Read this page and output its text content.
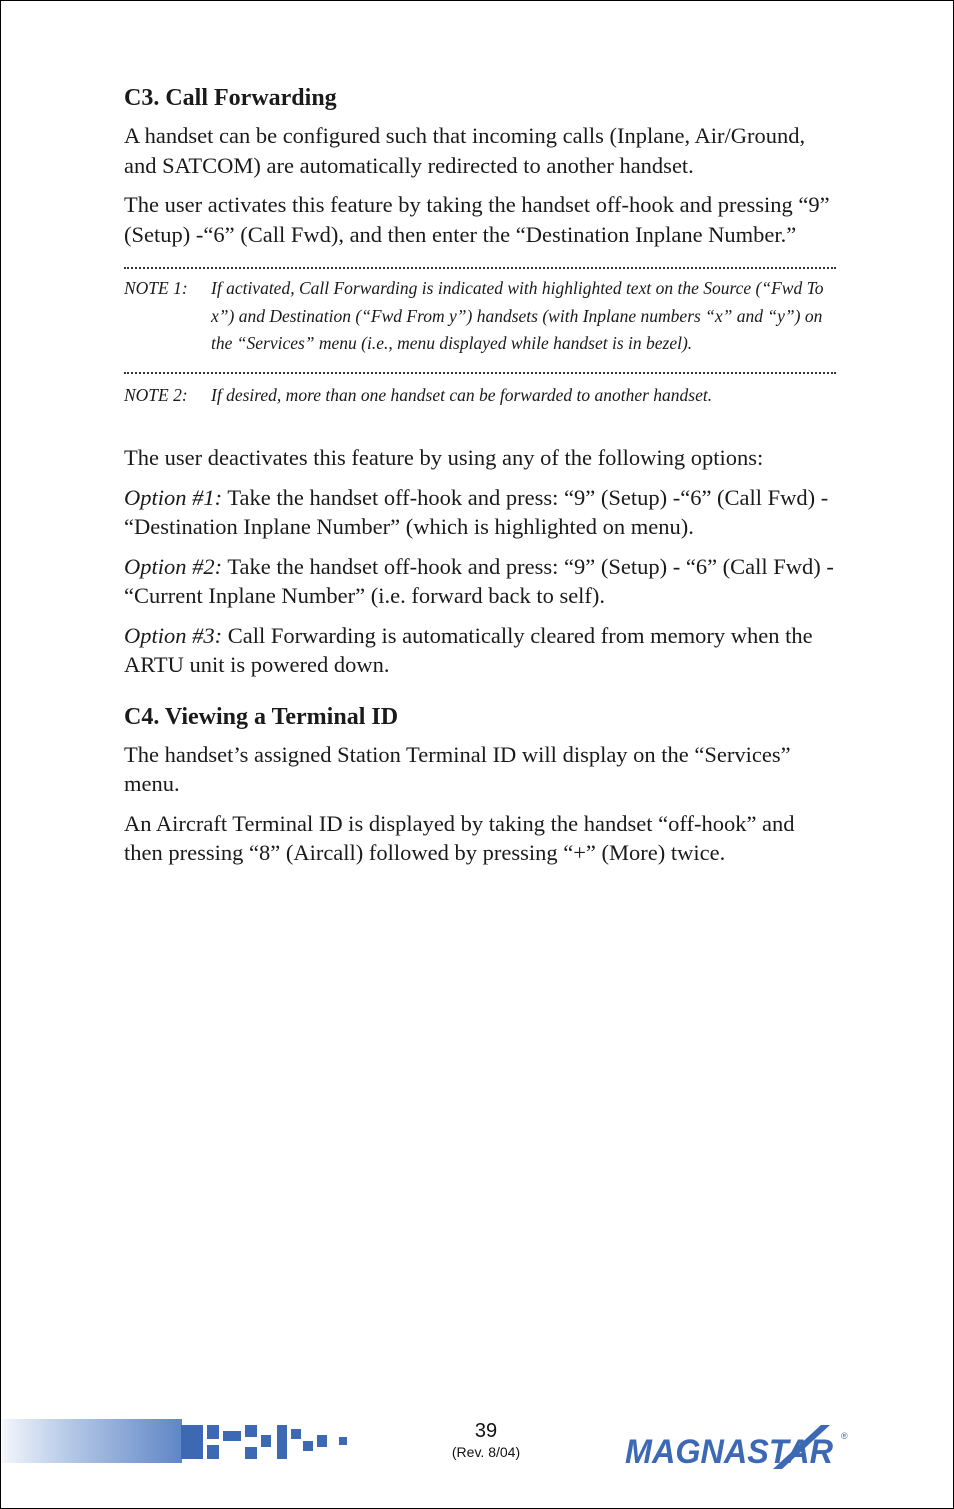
C3. Call Forwarding

A handset can be configured such that incoming calls (Inplane, Air/Ground, and SATCOM) are automatically redirected to another handset.

The user activates this feature by taking the handset off-hook and pressing “9” (Setup) -“6” (Call Fwd), and then enter the “Destination Inplane Number.”

NOTE 1:	If activated, Call Forwarding is indicated with highlighted text on the Source (“Fwd To x”) and Destination (“Fwd From y”) handsets (with Inplane numbers “x” and “y”) on the “Services” menu (i.e., menu displayed while handset is in bezel).
NOTE 2:	If desired, more than one handset can be forwarded to another handset.

The user deactivates this feature by using any of the following options:

Option #1: Take the handset off-hook and press: “9” (Setup) -“6” (Call Fwd) - “Destination Inplane Number” (which is highlighted on menu).

Option #2: Take the handset off-hook and press: “9” (Setup) - “6” (Call Fwd) - “Current Inplane Number” (i.e. forward back to self).

Option #3: Call Forwarding is automatically cleared from memory when the ARTU unit is powered down.

C4. Viewing a Terminal ID

The handset’s assigned Station Terminal ID will display on the “Services” menu.

An Aircraft Terminal ID is displayed by taking the handset “off-hook” and then pressing “8” (Aircall) followed by pressing “+” (More) twice.

39
(Rev. 8/04)	MAGNASTAR ®
